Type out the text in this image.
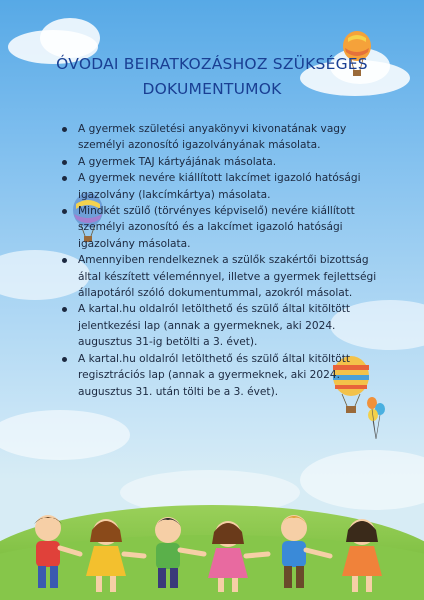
ÓVODAI BEIRATKOZÁSHOZ SZÜKSÉGES
DOKUMENTUMOK
A gyermek születési anyakönyvi kivonatának vagy személyi azonosító igazolványának másolata.
A gyermek TAJ kártyájának másolata.
A gyermek nevére kiállított lakcímet igazoló hatósági igazolvány (lakcímkártya) másolata.
Mindkét szülő (törvényes képviselő) nevére kiállított személyi azonosító és a lakcímet igazoló hatósági igazolvány másolata.
Amennyiben rendelkeznek a szülők szakértői bizottság által készített véleménnyel, illetve a gyermek fejlettségi állapotáról szóló dokumentummal, azokról másolat.
A kartal.hu oldalról letölthető és szülő által kitöltött jelentkezési lap (annak a gyermeknek, aki 2024. augusztus 31-ig betölti a 3. évet).
A kartal.hu oldalról letölthető és szülő által kitöltött regisztrációs lap (annak a gyermeknek, aki 2024. augusztus 31. után tölti be a 3. évet).
